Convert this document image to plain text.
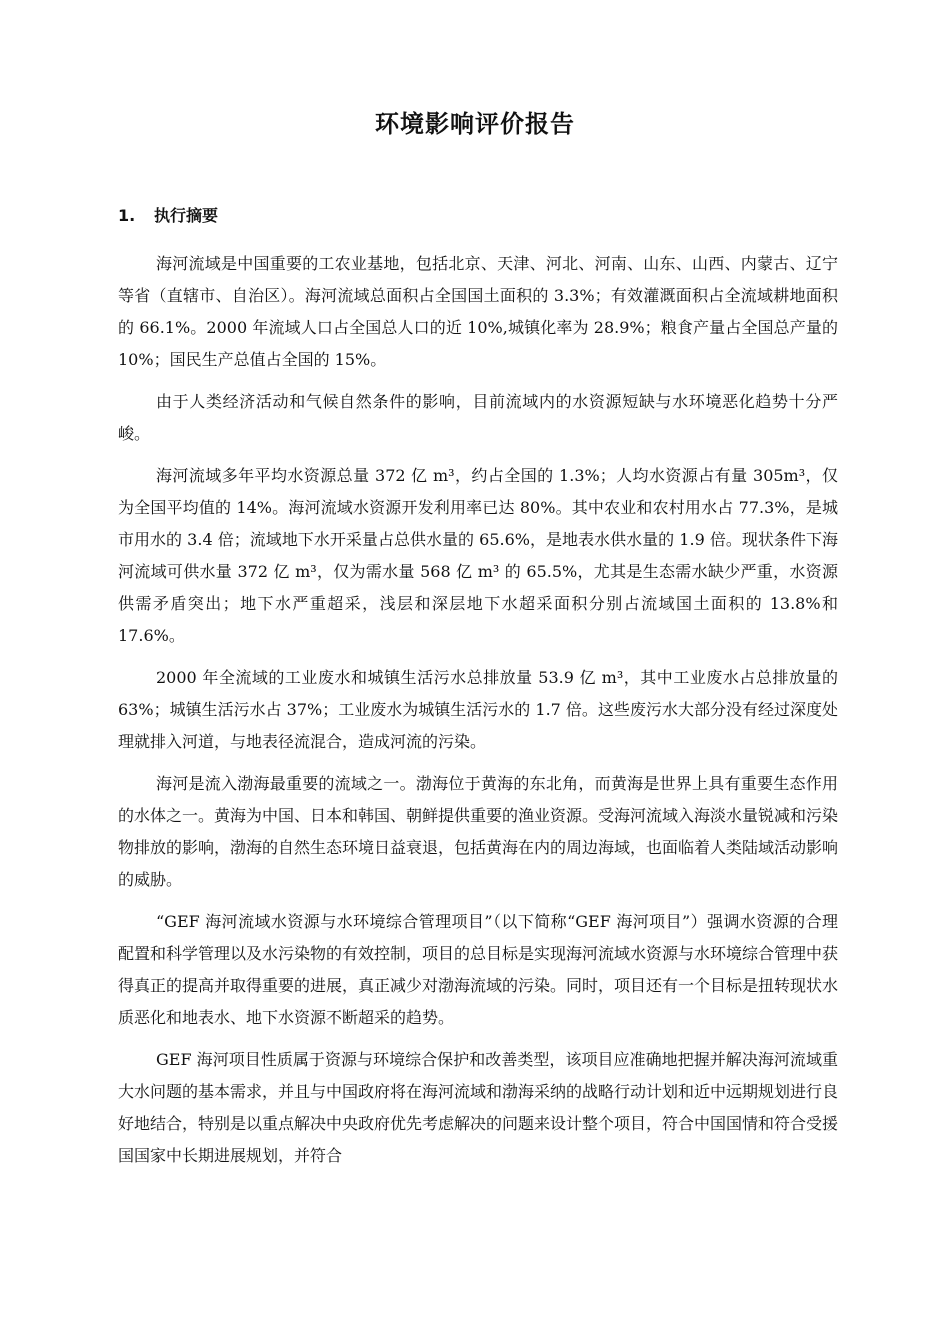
环境影响评价报告
1. 执行摘要

海河流域是中国重要的工农业基地，包括北京、天津、河北、河南、山东、山西、内蒙古、辽宁等省（直辖市、自治区）。海河流域总面积占全国国土面积的 3.3%；有效灌溉面积占全流域耕地面积的 66.1%。2000 年流域人口占全国总人口的近 10%,城镇化率为 28.9%；粮食产量占全国总产量的 10%；国民生产总值占全国的 15%。

由于人类经济活动和气候自然条件的影响，目前流域内的水资源短缺与水环境恶化趋势十分严峻。

海河流域多年平均水资源总量 372 亿 m³，约占全国的 1.3%；人均水资源占有量 305m³，仅为全国平均值的 14%。海河流域水资源开发利用率已达 80%。其中农业和农村用水占 77.3%，是城市用水的 3.4 倍；流域地下水开采量占总供水量的 65.6%，是地表水供水量的 1.9 倍。现状条件下海河流域可供水量 372 亿 m³，仅为需水量 568 亿 m³ 的 65.5%，尤其是生态需水缺少严重，水资源供需矛盾突出；地下水严重超采，浅层和深层地下水超采面积分别占流域国土面积的 13.8%和 17.6%。

2000 年全流域的工业废水和城镇生活污水总排放量 53.9 亿 m³，其中工业废水占总排放量的 63%；城镇生活污水占 37%；工业废水为城镇生活污水的 1.7 倍。这些废污水大部分没有经过深度处理就排入河道，与地表径流混合，造成河流的污染。

海河是流入渤海最重要的流域之一。渤海位于黄海的东北角，而黄海是世界上具有重要生态作用的水体之一。黄海为中国、日本和韩国、朝鲜提供重要的渔业资源。受海河流域入海淡水量锐减和污染物排放的影响，渤海的自然生态环境日益衰退，包括黄海在内的周边海域，也面临着人类陆域活动影响的威胁。

“GEF 海河流域水资源与水环境综合管理项目”（以下简称“GEF 海河项目”）强调水资源的合理配置和科学管理以及水污染物的有效控制，项目的总目标是实现海河流域水资源与水环境综合管理中获得真正的提高并取得重要的进展，真正减少对渤海流域的污染。同时，项目还有一个目标是扭转现状水质恶化和地表水、地下水资源不断超采的趋势。

GEF 海河项目性质属于资源与环境综合保护和改善类型，该项目应准确地把握并解决海河流域重大水问题的基本需求，并且与中国政府将在海河流域和渤海采纳的战略行动计划和近中远期规划进行良好地结合，特别是以重点解决中央政府优先考虑解决的问题来设计整个项目，符合中国国情和符合受援国国家中长期进展规划，并符合
